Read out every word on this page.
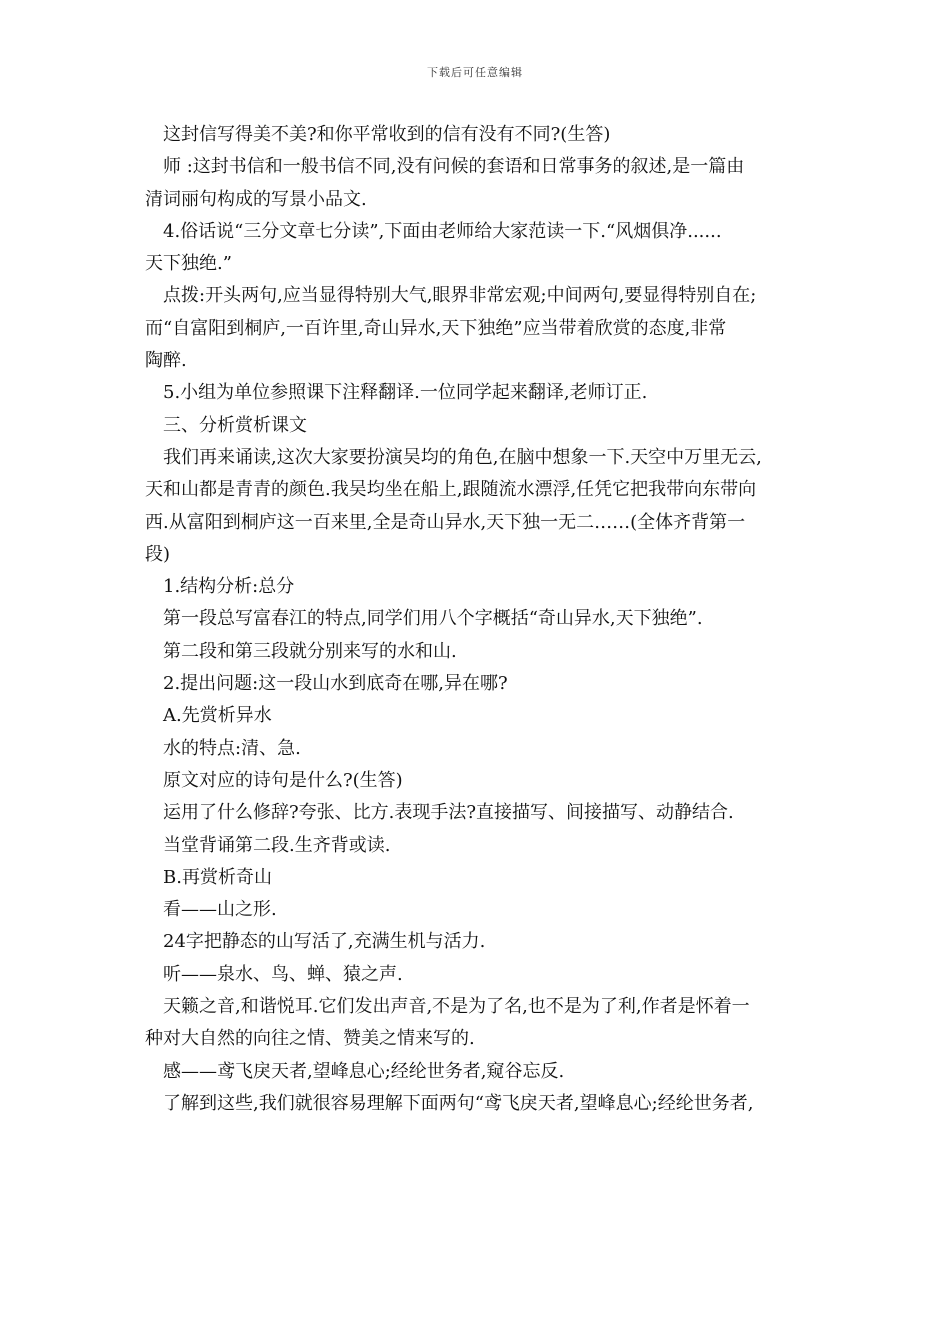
下载后可任意编辑
这封信写得美不美?和你平常收到的信有没有不同?(生答)
师 :这封书信和一般书信不同,没有问候的套语和日常事务的叙述,是一篇由
清词丽句构成的写景小品文.
4.俗话说“三分文章七分读”,下面由老师给大家范读一下.“风烟俱净......
天下独绝.”
点拨:开头两句,应当显得特别大气,眼界非常宏观;中间两句,要显得特别自在;
而“自富阳到桐庐,一百许里,奇山异水,天下独绝”应当带着欣赏的态度,非常
陶醉.
5.小组为单位参照课下注释翻译.一位同学起来翻译,老师订正.
三、分析赏析课文
我们再来诵读,这次大家要扮演吴均的角色,在脑中想象一下.天空中万里无云,
天和山都是青青的颜色.我吴均坐在船上,跟随流水漂浮,任凭它把我带向东带向
西.从富阳到桐庐这一百来里,全是奇山异水,天下独一无二……(全体齐背第一
段)
1.结构分析:总分
第一段总写富春江的特点,同学们用八个字概括“奇山异水,天下独绝”.
第二段和第三段就分别来写的水和山.
2.提出问题:这一段山水到底奇在哪,异在哪?
A.先赏析异水
水的特点:清、急.
原文对应的诗句是什么?(生答)
运用了什么修辞?夸张、比方.表现手法?直接描写、间接描写、动静结合.
当堂背诵第二段.生齐背或读.
B.再赏析奇山
看——山之形.
24字把静态的山写活了,充满生机与活力.
听——泉水、鸟、蝉、猿之声.
天籁之音,和谐悦耳.它们发出声音,不是为了名,也不是为了利,作者是怀着一
种对大自然的向往之情、赞美之情来写的.
感——鸢飞戾天者,望峰息心;经纶世务者,窥谷忘反.
了解到这些,我们就很容易理解下面两句“鸢飞戾天者,望峰息心;经纶世务者,
